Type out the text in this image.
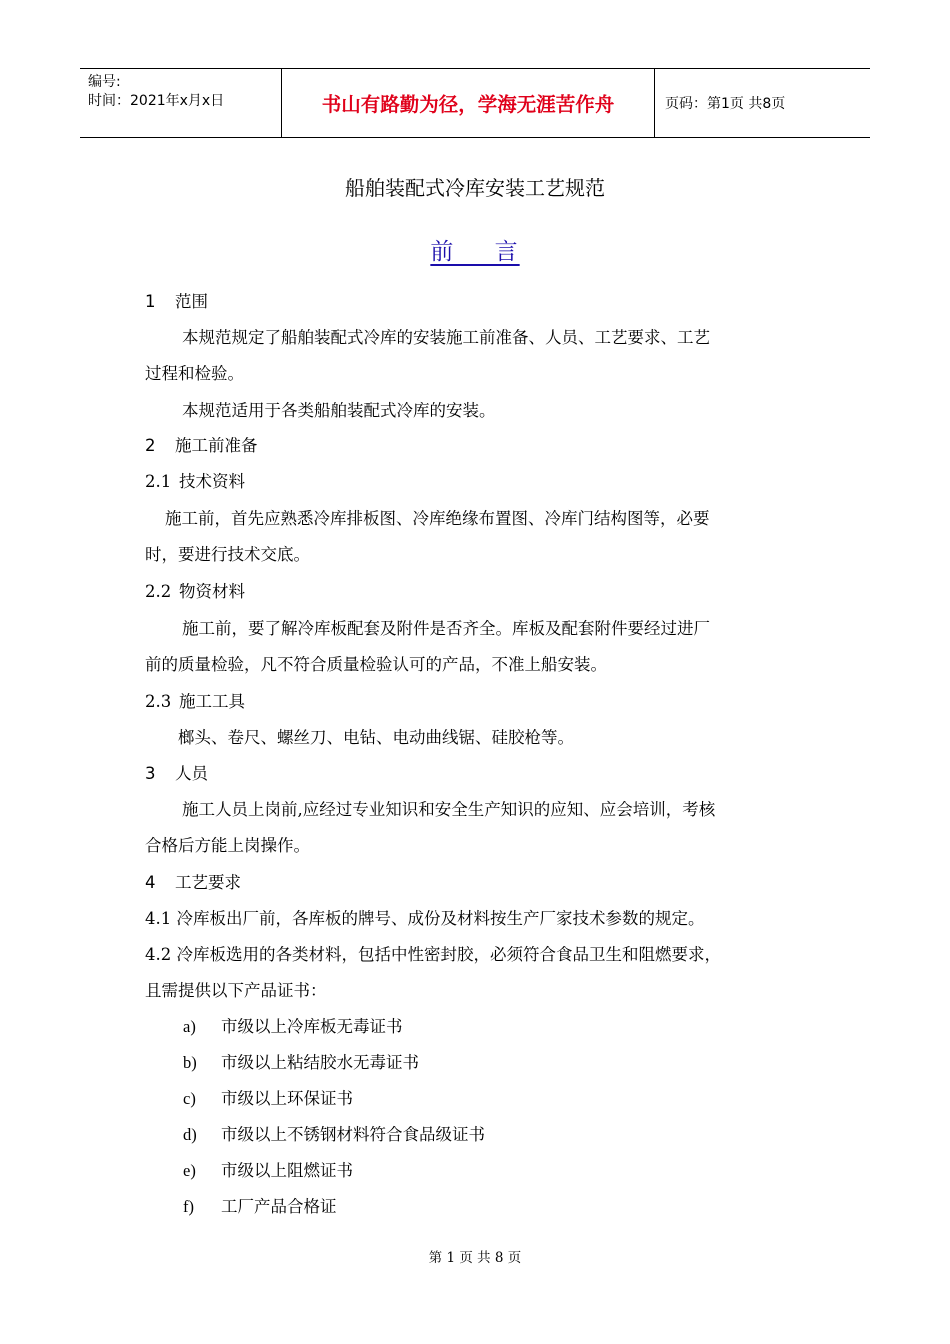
编号:
时间：2021年x月x日	书山有路勤为径，学海无涯苦作舟	页码：第1页 共8页
船舶装配式冷库安装工艺规范
前 言
1 范围
本规范规定了船舶装配式冷库的安装施工前准备、人员、工艺要求、工艺
过程和检验。
本规范适用于各类船舶装配式冷库的安装。
2 施工前准备
2.1 技术资料
施工前，首先应熟悉冷库排板图、冷库绝缘布置图、冷库门结构图等，必要
时，要进行技术交底。
2.2 物资材料
施工前，要了解冷库板配套及附件是否齐全。库板及配套附件要经过进厂
前的质量检验，凡不符合质量检验认可的产品，不准上船安装。
2.3 施工工具
榔头、卷尺、螺丝刀、电钻、电动曲线锯、硅胶枪等。
3 人员
施工人员上岗前,应经过专业知识和安全生产知识的应知、应会培训，考核
合格后方能上岗操作。
4 工艺要求
4.1 冷库板出厂前，各库板的牌号、成份及材料按生产厂家技术参数的规定。
4.2 冷库板选用的各类材料，包括中性密封胶，必须符合食品卫生和阻燃要求，
且需提供以下产品证书：
a) 市级以上冷库板无毒证书
b) 市级以上粘结胶水无毒证书
c) 市级以上环保证书
d) 市级以上不锈钢材料符合食品级证书
e) 市级以上阻燃证书
f) 工厂产品合格证
第 1 页 共 8 页
